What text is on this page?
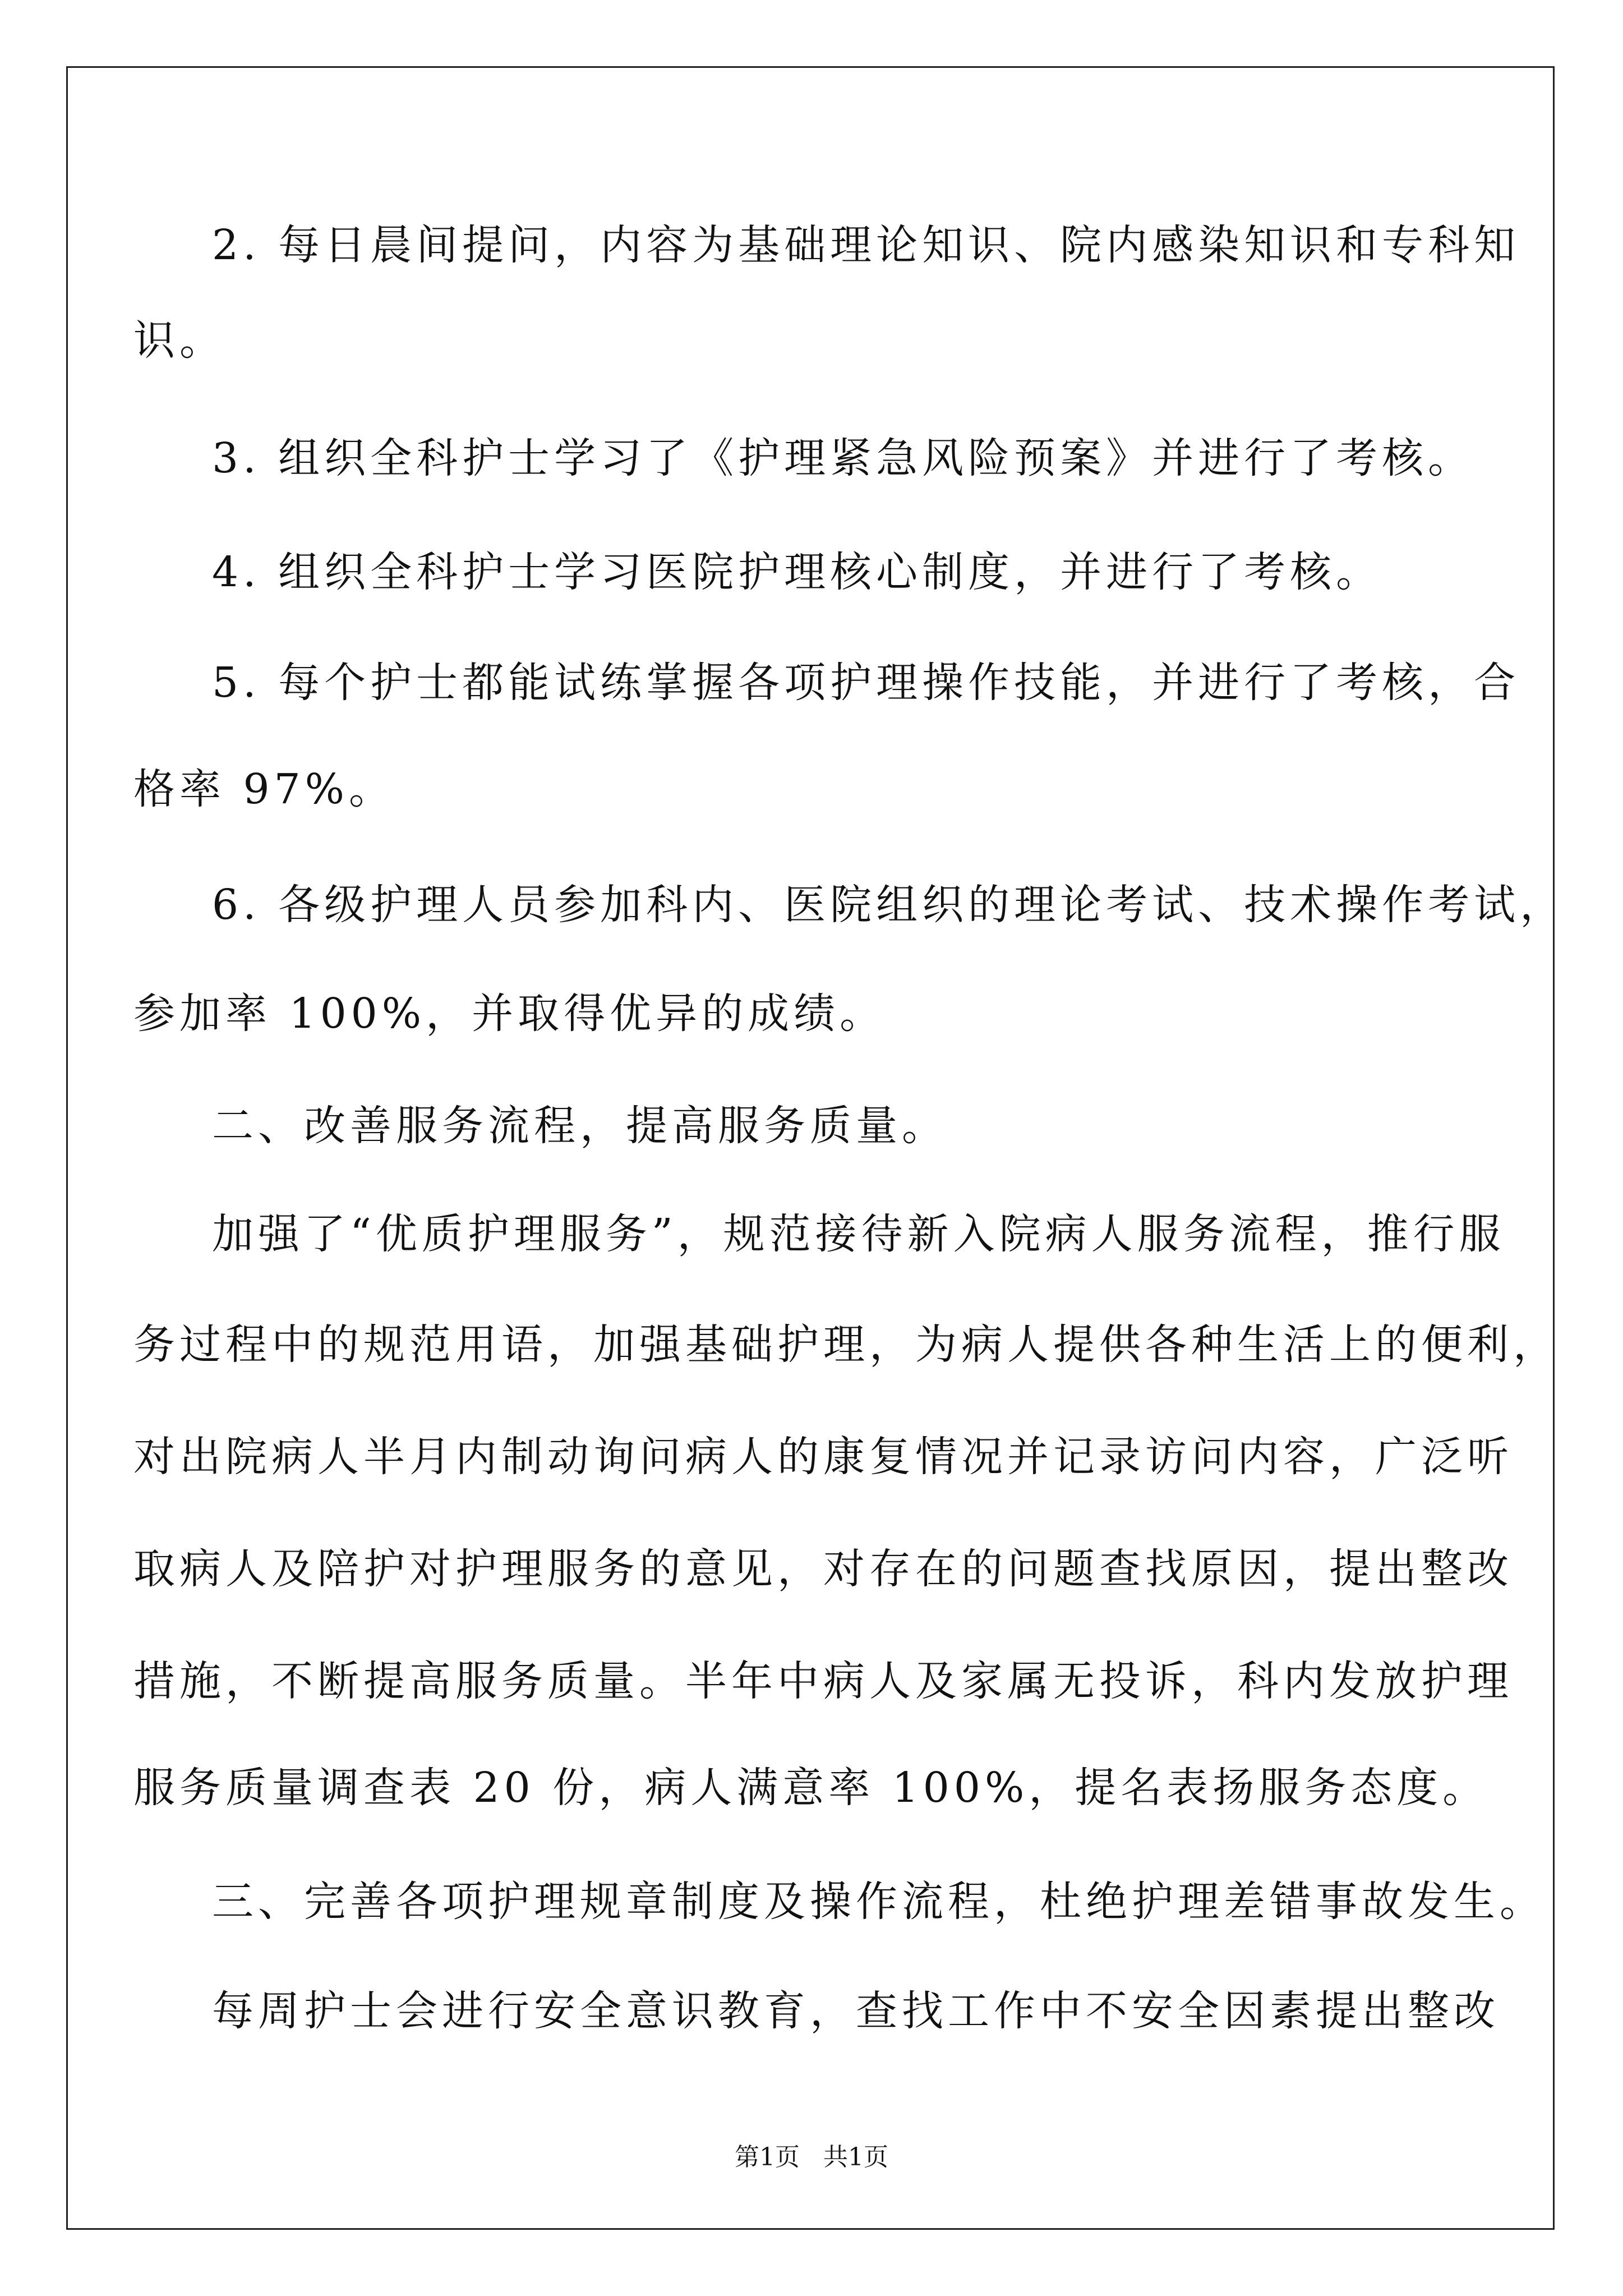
2. 每日晨间提问，内容为基础理论知识、院内感染知识和专科知
识。
3. 组织全科护士学习了《护理紧急风险预案》并进行了考核。
4. 组织全科护士学习医院护理核心制度，并进行了考核。
5. 每个护士都能试练掌握各项护理操作技能，并进行了考核，合
格率 97%。
6. 各级护理人员参加科内、医院组织的理论考试、技术操作考试，
参加率 100%，并取得优异的成绩。
二、改善服务流程，提高服务质量。
加强了“优质护理服务”，规范接待新入院病人服务流程，推行服
务过程中的规范用语，加强基础护理，为病人提供各种生活上的便利，
对出院病人半月内制动询问病人的康复情况并记录访问内容，广泛听
取病人及陪护对护理服务的意见，对存在的问题查找原因，提出整改
措施，不断提高服务质量。半年中病人及家属无投诉，科内发放护理
服务质量调查表 20 份，病人满意率 100%，提名表扬服务态度。
三、完善各项护理规章制度及操作流程，杜绝护理差错事故发生。
每周护士会进行安全意识教育，查找工作中不安全因素提出整改
第1页   共1页
